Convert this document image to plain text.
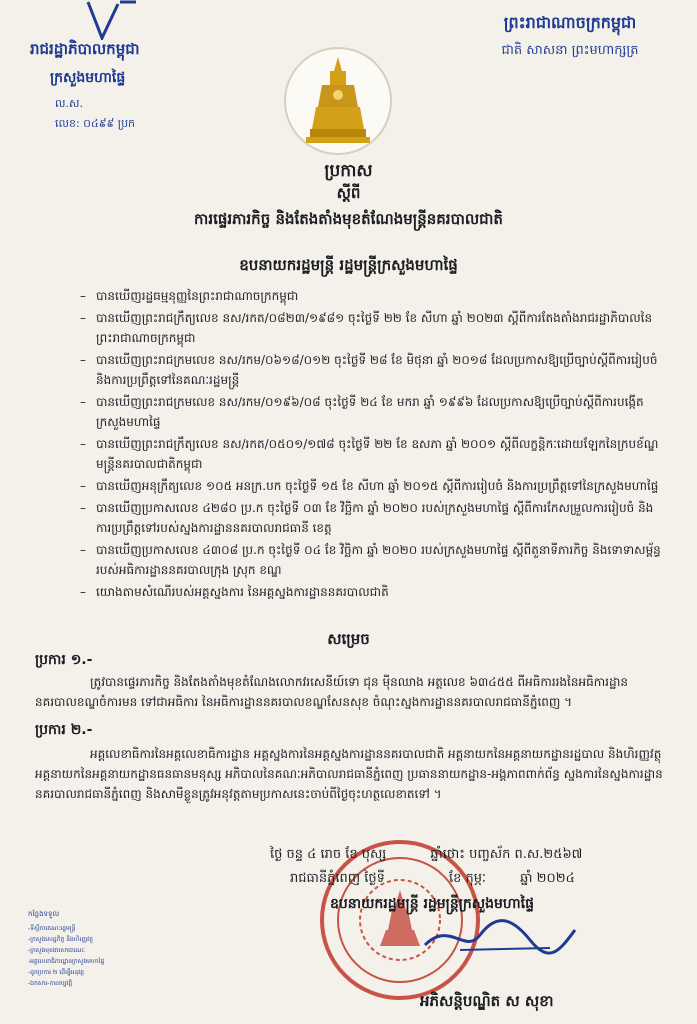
រាជរដ្ឋាភិបាលកម្ពុជា
ក្រសួងមហាផ្ទៃ
ល.ស.
លេខ: ០៤៩៩ ប្រក
ព្រះរាជាណាចក្រកម្ពុជា
ជាតិ សាសនា ព្រះមហាក្សត្រ
ប្រកាស
ស្តីពី
ការផ្ទេរភារកិច្ច និងតែងតាំងមុខតំណែងមន្ត្រីនគរបាលជាតិ
ឧបនាយករដ្ឋមន្ត្រី រដ្ឋមន្ត្រីក្រសួងមហាផ្ទៃ
– បានឃើញរដ្ឋធម្មនុញ្ញនៃព្រះរាជាណាចក្រកម្ពុជា
– បានឃើញព្រះរាជក្រឹត្យលេខ នស/រកត/០៨២៣/១៩៨១ ចុះថ្ងៃទី ២២ ខែ សីហា ឆ្នាំ ២០២៣ ស្តីពីការតែងតាំងរាជរដ្ឋាភិបាលនៃព្រះរាជាណាចក្រកម្ពុជា
– បានឃើញព្រះរាជក្រមលេខ នស/រកម/០៦១៨/០១២ ចុះថ្ងៃទី ២៨ ខែ មិថុនា ឆ្នាំ ២០១៨ ដែលប្រកាសឱ្យប្រើច្បាប់ស្តីពីការរៀបចំ និងការប្រព្រឹត្តទៅនៃគណៈរដ្ឋមន្ត្រី
– បានឃើញព្រះរាជក្រមលេខ នស/រកម/០១៩៦/០៨ ចុះថ្ងៃទី ២៤ ខែ មករា ឆ្នាំ ១៩៩៦ ដែលប្រកាសឱ្យប្រើច្បាប់ស្តីពីការបង្កើតក្រសួងមហាផ្ទៃ
– បានឃើញព្រះរាជក្រឹត្យលេខ នស/រកត/០៥០១/១៧៨ ចុះថ្ងៃទី ២២ ខែ ឧសភា ឆ្នាំ ២០០១ ស្តីពីលក្ខន្តិកៈដោយឡែកនៃក្របខ័ណ្ឌមន្ត្រីនគរបាលជាតិកម្ពុជា
– បានឃើញអនុក្រឹត្យលេខ ១០៥ អនក្រ.បក ចុះថ្ងៃទី ១៥ ខែ សីហា ឆ្នាំ ២០១៥ ស្តីពីការរៀបចំ និងការប្រព្រឹត្តទៅនៃក្រសួងមហាផ្ទៃ
– បានឃើញប្រកាសលេខ ៤២៨០ ប្រ.ក ចុះថ្ងៃទី ០៣ ខែ វិច្ឆិកា ឆ្នាំ ២០២០ របស់ក្រសួងមហាផ្ទៃ ស្តីពីការកែសម្រួលការរៀបចំ និងការប្រព្រឹត្តទៅរបស់ស្នងការដ្ឋាននគរបាលរាជធានី ខេត្ត
– បានឃើញប្រកាសលេខ ៤៣០៨ ប្រ.ក ចុះថ្ងៃទី ០៤ ខែ វិច្ឆិកា ឆ្នាំ ២០២០ របស់ក្រសួងមហាផ្ទៃ ស្តីពីតួនាទីភារកិច្ច និងទោទាសម្ព័ន្ធរបស់អធិការដ្ឋាននគរបាលក្រុង ស្រុក ខណ្ឌ
– យោងតាមសំណើរបស់អគ្គស្នងការ នៃអគ្គស្នងការដ្ឋាននគរបាលជាតិ
សម្រេច
ប្រការ ១.-
ត្រូវបានផ្ទេរភារកិច្ច និងតែងតាំងមុខតំណែងលោកវរសេនីយ៍ទោ ជុន មុីនឈាង អត្តលេខ ៦៣៤៥៥ ពីអធិការរងនៃអធិការដ្ឋាននគរបាលខណ្ឌចំការមន ទៅជាអធិការ នៃអធិការដ្ឋាននគរបាលខណ្ឌសែនសុខ ចំណុះស្នងការដ្ឋាននគរបាលរាជធានីភ្នំពេញ ។
ប្រការ ២.-
អគ្គលេខាធិការនៃអគ្គលេខាធិការដ្ឋាន អគ្គស្នងការនៃអគ្គស្នងការដ្ឋាននគរបាលជាតិ អគ្គនាយកនៃអគ្គនាយកដ្ឋានរដ្ឋបាល និងហិរញ្ញវត្ថុ អគ្គនាយកនៃអគ្គនាយកដ្ឋានធនធានមនុស្ស អភិបាលនៃគណៈអភិបាលរាជធានីភ្នំពេញ ប្រធាននាយកដ្ឋាន-អង្គភាពពាក់ព័ន្ធ ស្នងការនៃស្នងការដ្ឋាននគរបាលរាជធានីភ្នំពេញ និងសាមីខ្លួនត្រូវអនុវត្តតាមប្រកាសនេះចាប់ពីថ្ងៃចុះហត្ថលេខាតទៅ ។
ថ្ងៃ ចន្ទ ៤ រោច ខែ បុស្ស	ឆ្នាំថោះ បញ្ចស័ក ព.ស.២៥៦៧
រាជធានីភ្នំពេញ ថ្ងៃទី	ខែ កុម្ភៈ	ឆ្នាំ ២០២៤
ឧបនាយករដ្ឋមន្ត្រី រដ្ឋមន្ត្រីក្រសួងមហាផ្ទៃ
អភិសន្តិបណ្ឌិត ស សុខា
កន្លែងទទួល
-ទីស្តីការគណៈរដ្ឋមន្ត្រី
-ក្រសួងសេដ្ឋកិច្ច និងហិរញ្ញវត្ថុ
-ក្រសួងមុខងារសាធារណៈ
-អគ្គលេខាធិការដ្ឋានក្រសួងមហាផ្ទៃ
-ដូចប្រការ ២ ដើម្បីអនុវត្ត
-ឯកសារ-កាលប្បវត្តិ
